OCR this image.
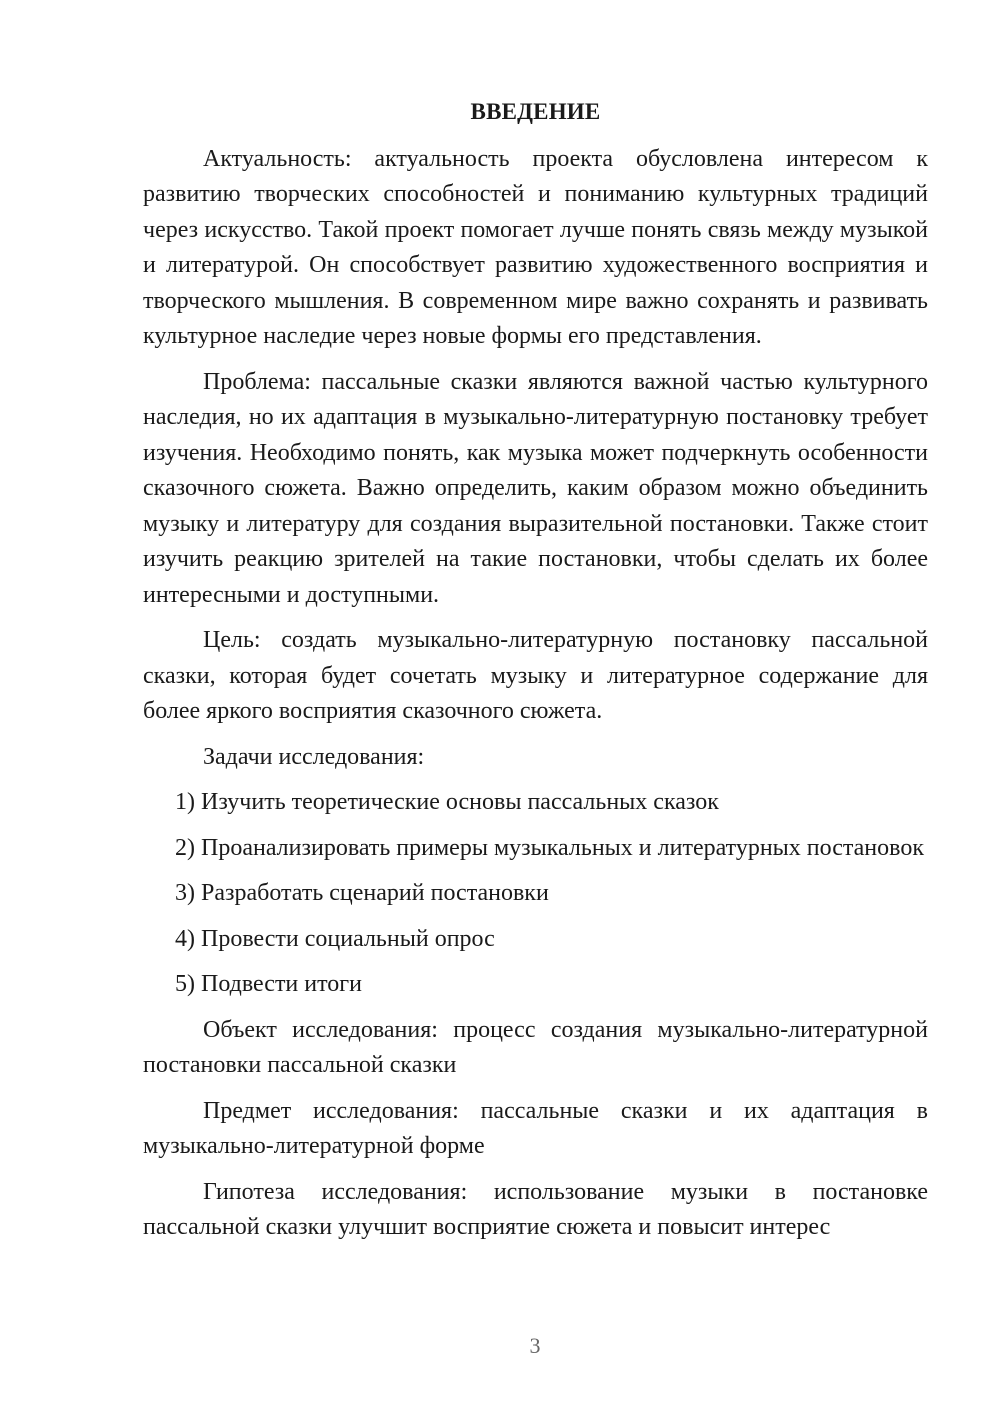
ВВЕДЕНИЕ

Актуальность: актуальность проекта обусловлена интересом к развитию творческих способностей и пониманию культурных традиций через искусство. Такой проект помогает лучше понять связь между музыкой и литературой. Он способствует развитию художественного восприятия и творческого мышления. В современном мире важно сохранять и развивать культурное наследие через новые формы его представления.

Проблема: пассальные сказки являются важной частью культурного наследия, но их адаптация в музыкально-литературную постановку требует изучения. Необходимо понять, как музыка может подчеркнуть особенности сказочного сюжета. Важно определить, каким образом можно объединить музыку и литературу для создания выразительной постановки. Также стоит изучить реакцию зрителей на такие постановки, чтобы сделать их более интересными и доступными.

Цель: создать музыкально-литературную постановку пассальной сказки, которая будет сочетать музыку и литературное содержание для более яркого восприятия сказочного сюжета.

Задачи исследования:

1) Изучить теоретические основы пассальных сказок

2) Проанализировать примеры музыкальных и литературных постановок

3) Разработать сценарий постановки

4) Провести социальный опрос

5) Подвести итоги

Объект исследования: процесс создания музыкально-литературной постановки пассальной сказки

Предмет исследования: пассальные сказки и их адаптация в музыкально-литературной форме

Гипотеза исследования: использование музыки в постановке пассальной сказки улучшит восприятие сюжета и повысит интерес

3
